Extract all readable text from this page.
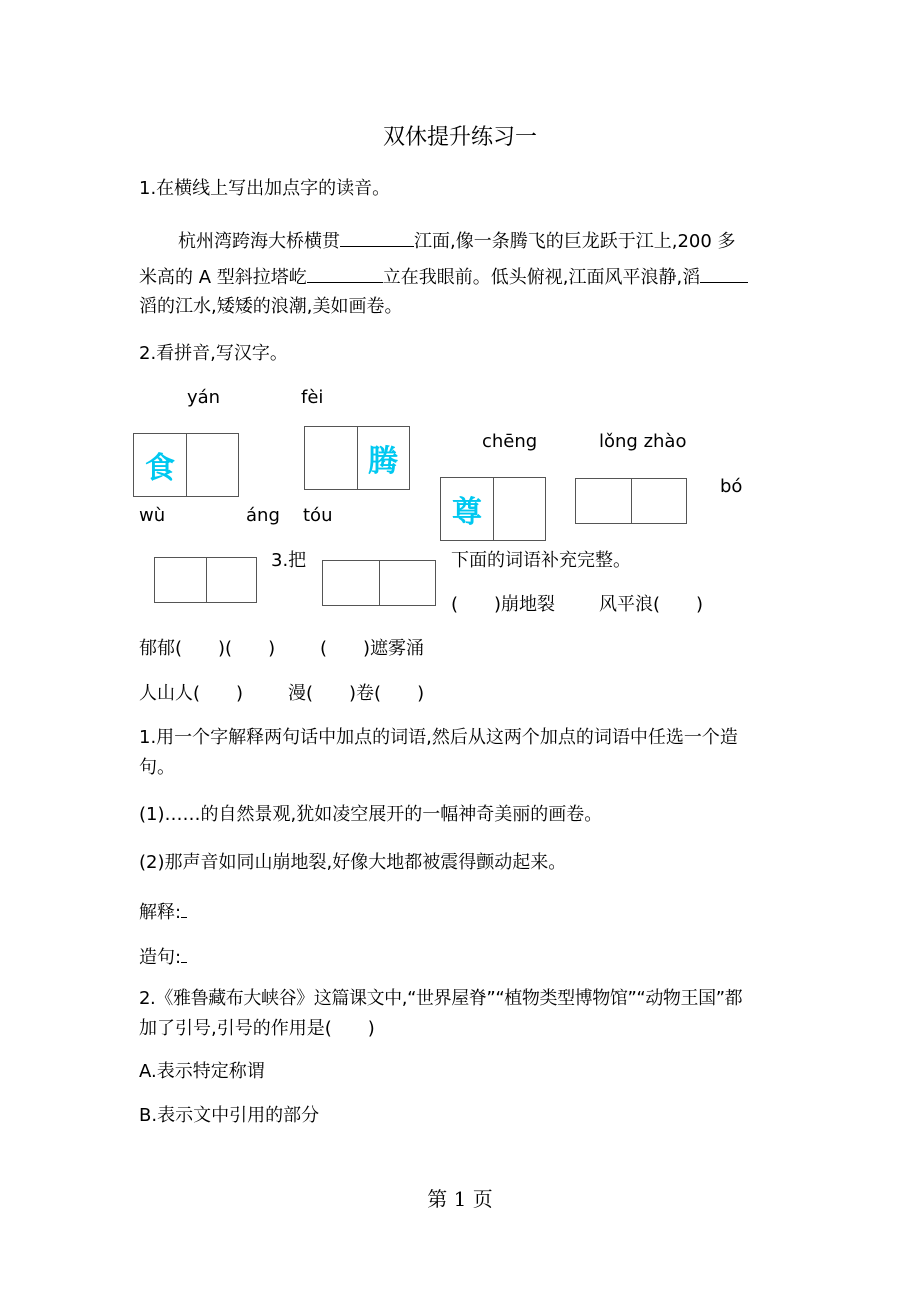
双休提升练习一
1.在横线上写出加点字的读音。
杭州湾跨海大桥横贯	江面,像一条腾飞的巨龙跃于江上,200 多
米高的 A 型斜拉塔屹	立在我眼前。低头俯视,江面风平浪静,滔
滔的江水,矮矮的浪潮,美如画卷。
2.看拼音,写汉字。
yán	fèi
chēng	lǒng zhào
bó
wù	áng tóu
食	腾
尊
3.把	下面的词语补充完整。
(　　)崩地裂 风平浪(　　)
郁郁(　　)(　　) (　　)遮雾涌
人山人(　　) 漫(　　)卷(　　)
1.用一个字解释两句话中加点的词语,然后从这两个加点的词语中任选一个造
句。
(1)……的自然景观,犹如凌空展开的一幅神奇美丽的画卷。
(2)那声音如同山崩地裂,好像大地都被震得颤动起来。
解释:
造句:
2.《雅鲁藏布大峡谷》这篇课文中,“世界屋脊”“植物类型博物馆”“动物王国”都
加了引号,引号的作用是(　　)
A.表示特定称谓
B.表示文中引用的部分
第 1 页
